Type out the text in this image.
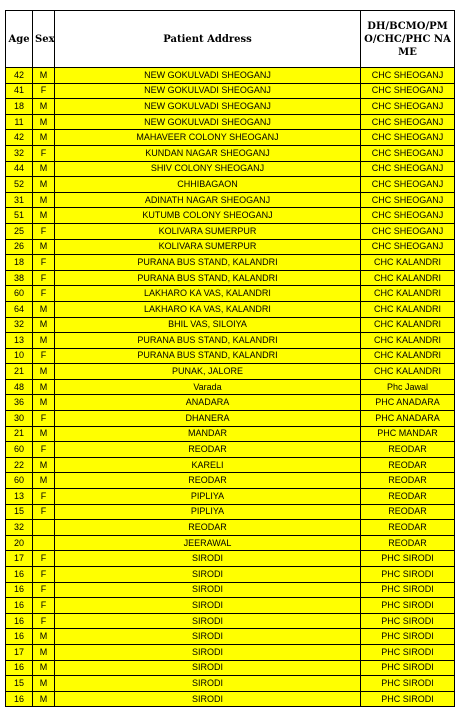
Age	Sex	Patient Address	DH/BCMO/PMO/CHC/PHC NAME
42	M	NEW GOKULVADI SHEOGANJ	CHC SHEOGANJ
41	F	NEW GOKULVADI SHEOGANJ	CHC SHEOGANJ
18	M	NEW GOKULVADI SHEOGANJ	CHC SHEOGANJ
11	M	NEW GOKULVADI SHEOGANJ	CHC SHEOGANJ
42	M	MAHAVEER COLONY SHEOGANJ	CHC SHEOGANJ
32	F	KUNDAN NAGAR SHEOGANJ	CHC SHEOGANJ
44	M	SHIV COLONY SHEOGANJ	CHC SHEOGANJ
52	M	CHHIBAGAON	CHC SHEOGANJ
31	M	ADINATH NAGAR SHEOGANJ	CHC SHEOGANJ
51	M	KUTUMB COLONY SHEOGANJ	CHC SHEOGANJ
25	F	KOLIVARA SUMERPUR	CHC SHEOGANJ
26	M	KOLIVARA SUMERPUR	CHC SHEOGANJ
18	F	PURANA BUS STAND, KALANDRI	CHC KALANDRI
38	F	PURANA BUS STAND, KALANDRI	CHC KALANDRI
60	F	LAKHARO KA VAS, KALANDRI	CHC KALANDRI
64	M	LAKHARO KA VAS, KALANDRI	CHC KALANDRI
32	M	BHIL VAS, SILOIYA	CHC KALANDRI
13	M	PURANA BUS STAND, KALANDRI	CHC KALANDRI
10	F	PURANA BUS STAND, KALANDRI	CHC KALANDRI
21	M	PUNAK, JALORE	CHC KALANDRI
48	M	Varada	Phc Jawal
36	M	ANADARA	PHC ANADARA
30	F	DHANERA	PHC ANADARA
21	M	MANDAR	PHC MANDAR
60	F	REODAR	REODAR
22	M	KARELI	REODAR
60	M	REODAR	REODAR
13	F	PIPLIYA	REODAR
15	F	PIPLIYA	REODAR
32		REODAR	REODAR
20		JEERAWAL	REODAR
17	F	SIRODI	PHC SIRODI
16	F	SIRODI	PHC SIRODI
16	F	SIRODI	PHC SIRODI
16	F	SIRODI	PHC SIRODI
16	F	SIRODI	PHC SIRODI
16	M	SIRODI	PHC SIRODI
17	M	SIRODI	PHC SIRODI
16	M	SIRODI	PHC SIRODI
15	M	SIRODI	PHC SIRODI
16	M	SIRODI	PHC SIRODI
